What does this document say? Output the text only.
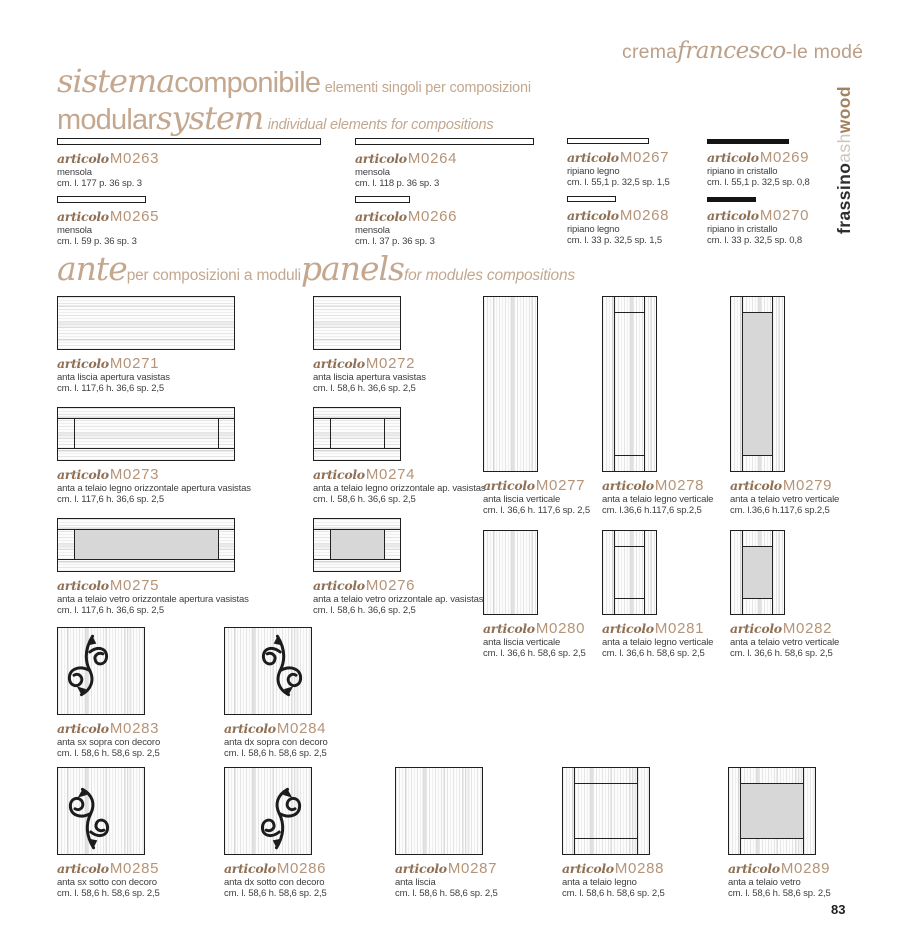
cremafrancesco-le modé
frassinoashwood
sistemacomponibile elementi singoli per composizioni
modularsystem individual elements for compositions
articoloM0263
mensola
cm. l. 177 p. 36 sp. 3
articoloM0264
mensola
cm. l. 118 p. 36 sp. 3
articoloM0267
ripiano legno
cm. l. 55,1 p. 32,5 sp. 1,5
articoloM0269
ripiano in cristallo
cm. l. 55,1 p. 32,5 sp. 0,8
articoloM0265
mensola
cm. l. 59 p. 36 sp. 3
articoloM0266
mensola
cm. l. 37 p. 36 sp. 3
articoloM0268
ripiano legno
cm. l. 33 p. 32,5 sp. 1,5
articoloM0270
ripiano in cristallo
cm. l. 33 p. 32,5 sp. 0,8
anteper composizioni a modulipanelsfor modules compositions
articoloM0271
anta liscia apertura vasistas
cm. l. 117,6 h. 36,6 sp. 2,5
articoloM0272
anta liscia apertura vasistas
cm. l. 58,6 h. 36,6 sp. 2,5
articoloM0273
anta a telaio legno orizzontale apertura vasistas
cm. l. 117,6 h. 36,6 sp. 2,5
articoloM0274
anta a telaio legno orizzontale ap. vasistas
cm. l. 58,6 h. 36,6 sp. 2,5
articoloM0275
anta a telaio vetro orizzontale apertura vasistas
cm. l. 117,6 h. 36,6 sp. 2,5
articoloM0276
anta a telaio vetro orizzontale ap. vasistas
cm. l. 58,6 h. 36,6 sp. 2,5
articoloM0277
anta liscia verticale
cm. l. 36,6 h. 117,6 sp. 2,5
articoloM0278
anta a telaio legno verticale
cm. l.36,6 h.117,6 sp.2,5
articoloM0279
anta a telaio vetro verticale
cm. l.36,6 h.117,6 sp.2,5
articoloM0280
anta liscia verticale
cm. l. 36,6 h. 58,6 sp. 2,5
articoloM0281
anta a telaio legno verticale
cm. l. 36,6 h. 58,6 sp. 2,5
articoloM0282
anta a telaio vetro verticale
cm. l. 36,6 h. 58,6 sp. 2,5
articoloM0283
anta sx sopra con decoro
cm. l. 58,6 h. 58,6 sp. 2,5
articoloM0284
anta dx sopra con decoro
cm. l. 58,6 h. 58,6 sp. 2,5
articoloM0285
anta sx sotto con decoro
cm. l. 58,6 h. 58,6 sp. 2,5
articoloM0286
anta dx sotto con decoro
cm. l. 58,6 h. 58,6 sp. 2,5
articoloM0287
anta liscia
cm. l. 58,6 h. 58,6 sp. 2,5
articoloM0288
anta a telaio legno
cm. l. 58,6 h. 58,6 sp. 2,5
articoloM0289
anta a telaio vetro
cm. l. 58,6 h. 58,6 sp. 2,5
83
